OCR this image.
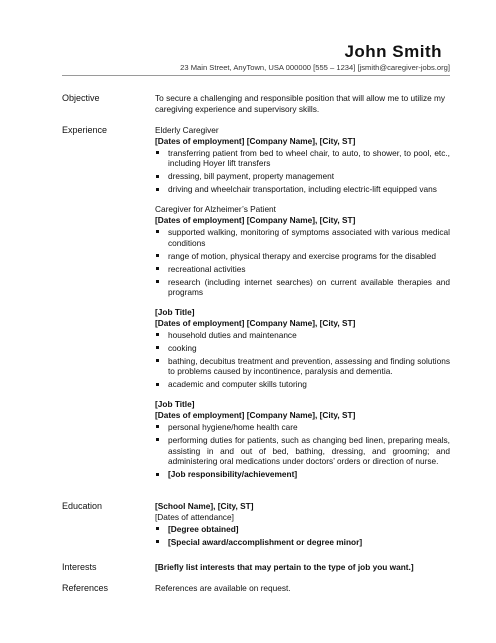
John Smith
23 Main Street, AnyTown, USA 000000 [555 – 1234] [jsmith@caregiver-jobs.org]
Objective	To secure a challenging and responsible position that will allow me to utilize my caregiving experience and supervisory skills.
Experience	Elderly Caregiver
[Dates of employment] [Company Name], [City, ST]
transferring patient from bed to wheel chair, to auto, to shower, to pool, etc., including Hoyer lift transfers
dressing, bill payment, property management
driving and wheelchair transportation, including electric-lift equipped vans
Caregiver for Alzheimer’s Patient
[Dates of employment] [Company Name], [City, ST]
supported walking, monitoring of symptoms associated with various medical conditions
range of motion, physical therapy and exercise programs for the disabled
recreational activities
research (including internet searches) on current available therapies and programs
[Job Title]
[Dates of employment] [Company Name], [City, ST]
household duties and maintenance
cooking
bathing, decubitus treatment and prevention, assessing and finding solutions to problems caused by incontinence, paralysis and dementia.
academic and computer skills tutoring
[Job Title]
[Dates of employment] [Company Name], [City, ST]
personal hygiene/home health care
performing duties for patients, such as changing bed linen, preparing meals, assisting in and out of bed, bathing, dressing, and grooming; and administering oral medications under doctors’ orders or direction of nurse.
[Job responsibility/achievement]
Education	[School Name], [City, ST]
[Dates of attendance]
[Degree obtained]
[Special award/accomplishment or degree minor]
Interests	[Briefly list interests that may pertain to the type of job you want.]
References	References are available on request.
